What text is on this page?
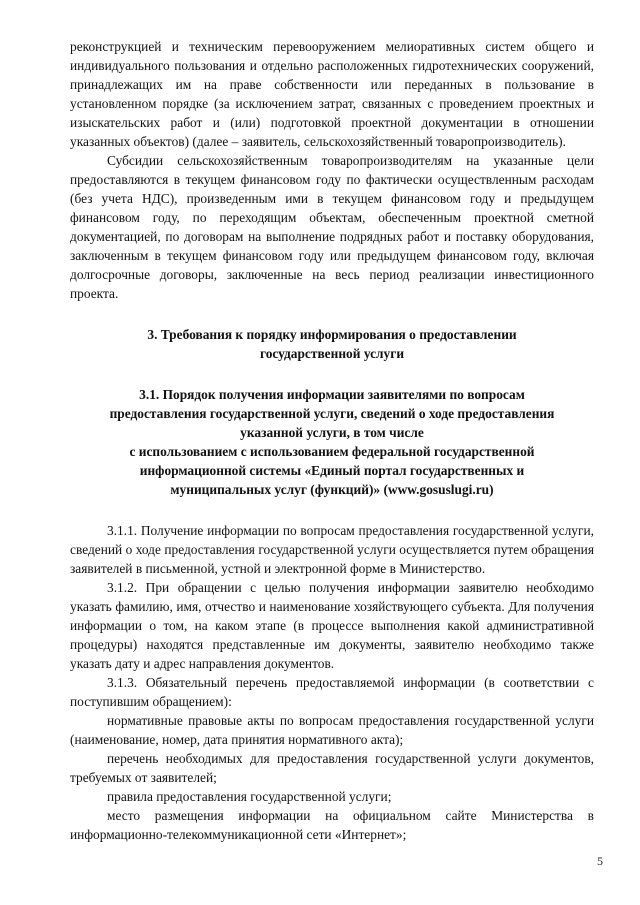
реконструкцией и техническим перевооружением мелиоративных систем общего и индивидуального пользования и отдельно расположенных гидротехнических сооружений, принадлежащих им на праве собственности или переданных в пользование в установленном порядке (за исключением затрат, связанных с проведением проектных и изыскательских работ и (или) подготовкой проектной документации в отношении указанных объектов) (далее – заявитель, сельскохозяйственный товаропроизводитель).

Субсидии сельскохозяйственным товаропроизводителям на указанные цели предоставляются в текущем финансовом году по фактически осуществленным расходам (без учета НДС), произведенным ими в текущем финансовом году и предыдущем финансовом году, по переходящим объектам, обеспеченным проектной сметной документацией, по договорам на выполнение подрядных работ и поставку оборудования, заключенным в текущем финансовом году или предыдущем финансовом году, включая долгосрочные договоры, заключенные на весь период реализации инвестиционного проекта.

3. Требования к порядку информирования о предоставлении

государственной услуги

3.1. Порядок получения информации заявителями по вопросам

предоставления государственной услуги, сведений о ходе предоставления

указанной услуги, в том числе

с использованием с использованием федеральной государственной

информационной системы «Единый портал государственных и

муниципальных услуг (функций)» (www.gosuslugi.ru)

3.1.1. Получение информации по вопросам предоставления государственной услуги, сведений о ходе предоставления государственной услуги осуществляется путем обращения заявителей в письменной, устной и электронной форме в Министерство.

3.1.2. При обращении с целью получения информации заявителю необходимо указать фамилию, имя, отчество и наименование хозяйствующего субъекта. Для получения информации о том, на каком этапе (в процессе выполнения какой административной процедуры) находятся представленные им документы, заявителю необходимо также указать дату и адрес направления документов.

3.1.3. Обязательный перечень предоставляемой информации (в соответствии с поступившим обращением):

нормативные правовые акты по вопросам предоставления государственной услуги (наименование, номер, дата принятия нормативного акта);

перечень необходимых для предоставления государственной услуги документов, требуемых от заявителей;

правила предоставления государственной услуги;

место размещения информации на официальном сайте Министерства в информационно-телекоммуникационной сети «Интернет»;

5
